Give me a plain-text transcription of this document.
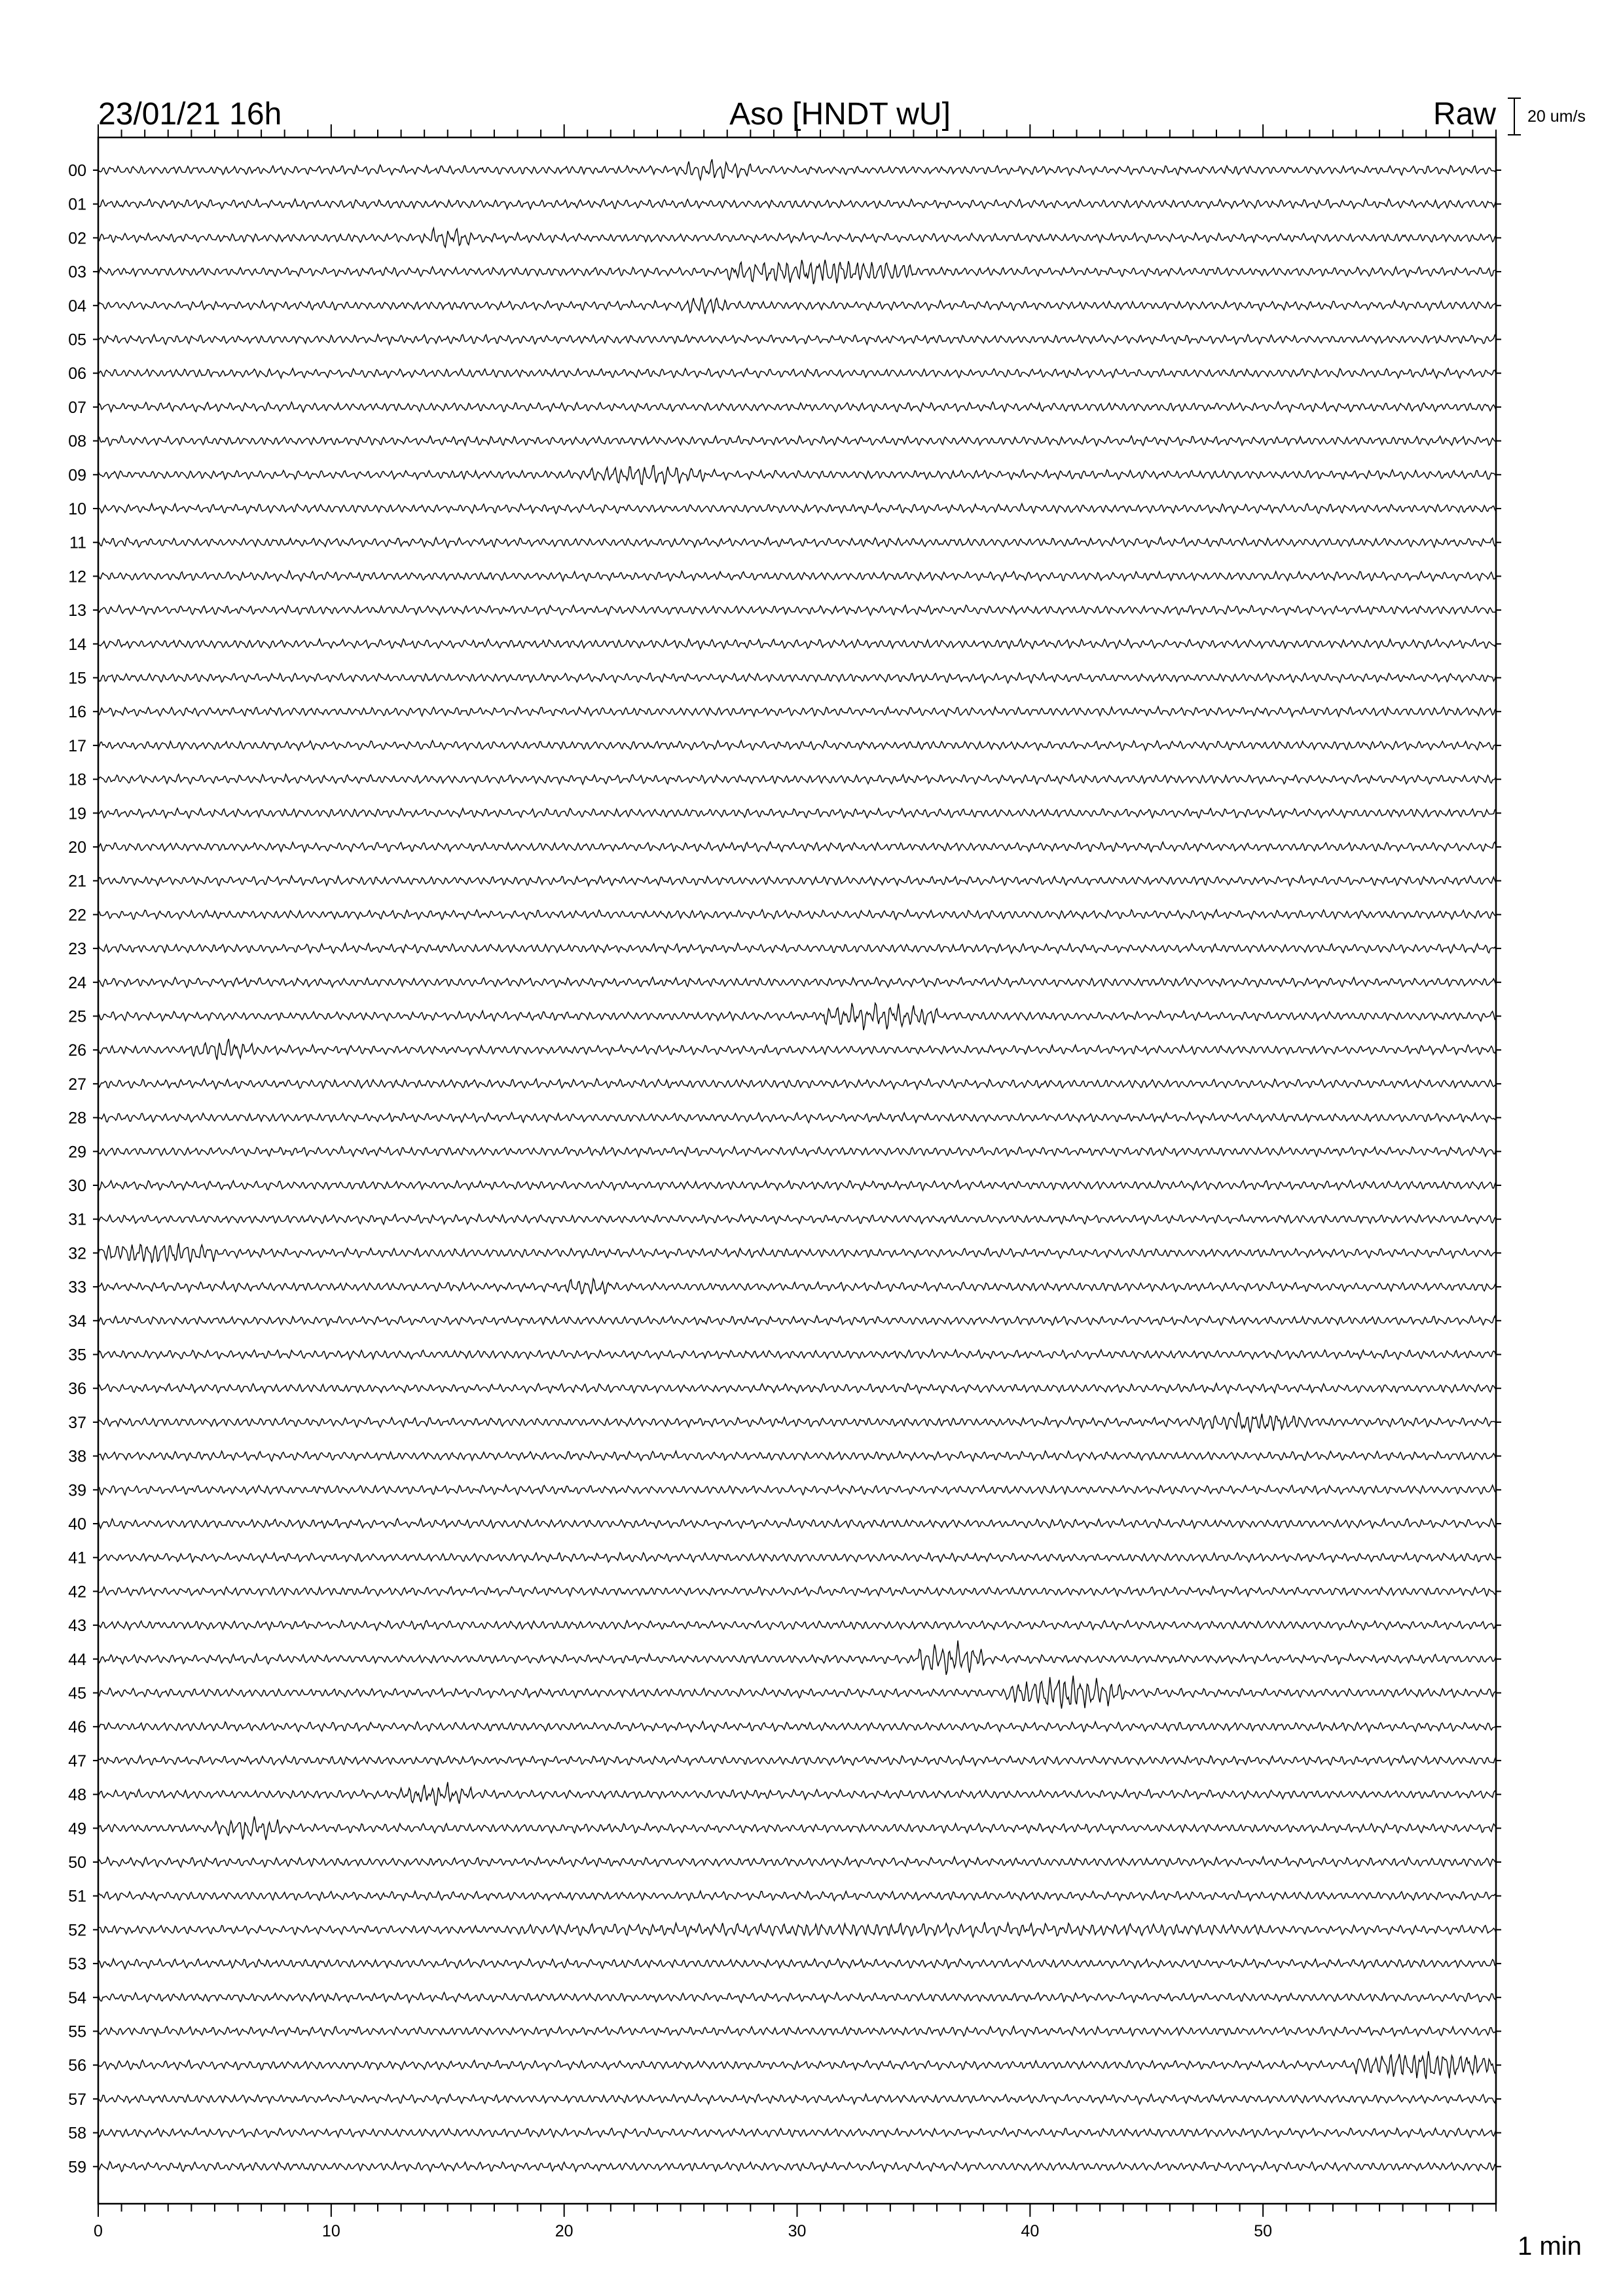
23/01/21 16h	Aso [HNDT wU]	Raw 20 um/s
00
01
02
03
04
05
06
07
08
09
10
11
12
13
14
15
16
17
18
19
20
21
22
23
24
25
26
27
28
29
30
31
32
33
34
35
36
37
38
39
40
41
42
43
44
45
46
47
48
49
50
51
52
53
54
55
56
57
58
59
0	10	20	30	40	50
1 min
